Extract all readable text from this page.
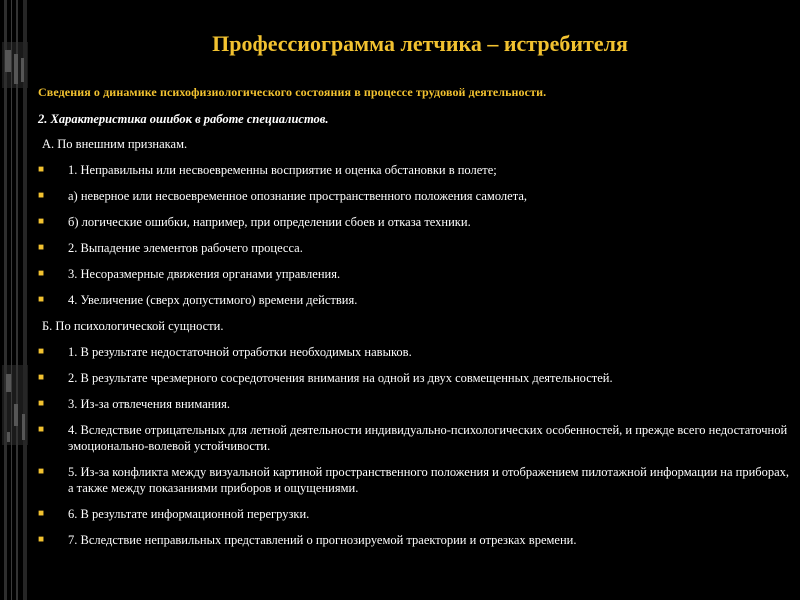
Профессиограмма летчика – истребителя
Сведения о динамике психофизиологического состояния в процессе трудовой деятельности.
2. Характеристика ошибок в работе специалистов.
А. По внешним признакам.
■	1. Неправильны или несвоевременны восприятие и оценка обстановки в полете;
■	а) неверное или несвоевременное опознание пространственного положения самолета,
■	б) логические ошибки, например, при определении сбоев и отказа техники.
■	2. Выпадение элементов рабочего процесса.
■	3. Несоразмерные движения органами управления.
■	4. Увеличение (сверх допустимого) времени действия.
Б. По психологической сущности.
■	1. В результате недостаточной отработки необходимых навыков.
■	2. В результате чрезмерного сосредоточения внимания на одной из двух совмещенных деятельностей.
■	3. Из-за отвлечения внимания.
■	4. Вследствие отрицательных для летной деятельности индивидуально-психологических особенностей, и прежде всего недостаточной эмоционально-волевой устойчивости.
■	5. Из-за конфликта между визуальной картиной пространственного положения и отображением пилотажной информации на приборах, а также между показаниями приборов и ощущениями.
■	6. В результате информационной перегрузки.
■	7. Вследствие неправильных представлений о прогнозируемой траектории и отрезках времени.
